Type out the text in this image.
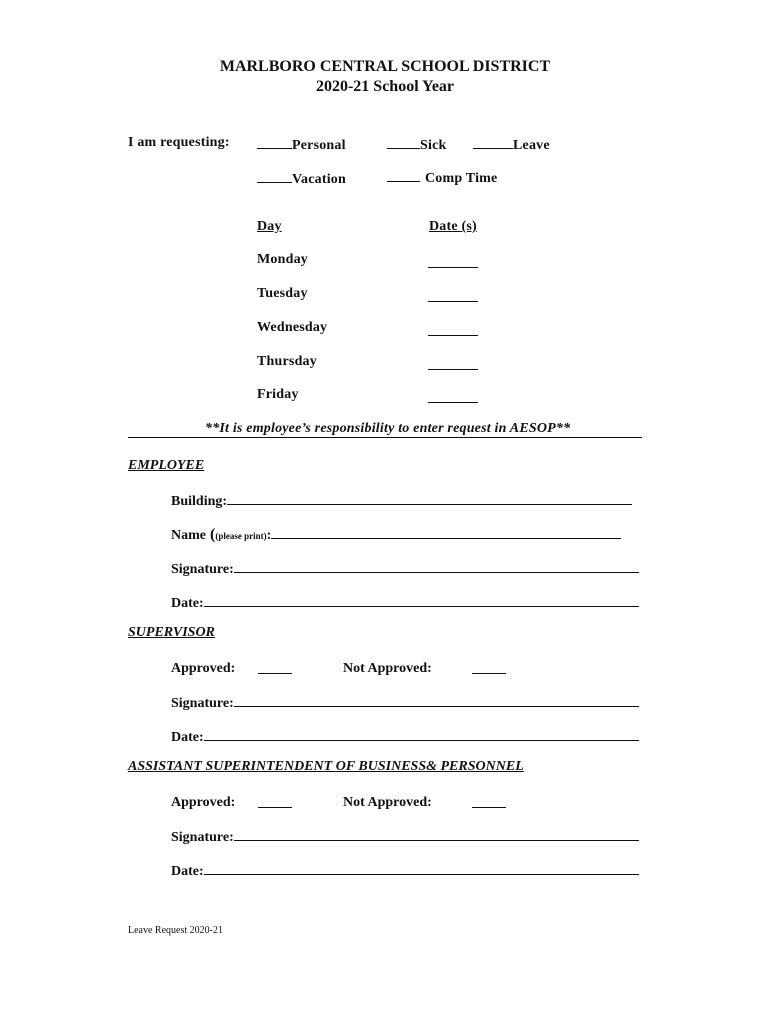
MARLBORO CENTRAL SCHOOL DISTRICT
2020-21 School Year
I am requesting:	Personal	Sick	Leave
Vacation	Comp Time
Day	Date (s)
Monday
Tuesday
Wednesday
Thursday
Friday
**It is employee’s responsibility to enter request in AESOP**
EMPLOYEE
Building:
Name ((please print):
Signature:
Date:
SUPERVISOR
Approved:	Not Approved:
Signature:
Date:
ASSISTANT SUPERINTENDENT OF BUSINESS& PERSONNEL
Approved:	Not Approved:
Signature:
Date:
Leave Request 2020-21
